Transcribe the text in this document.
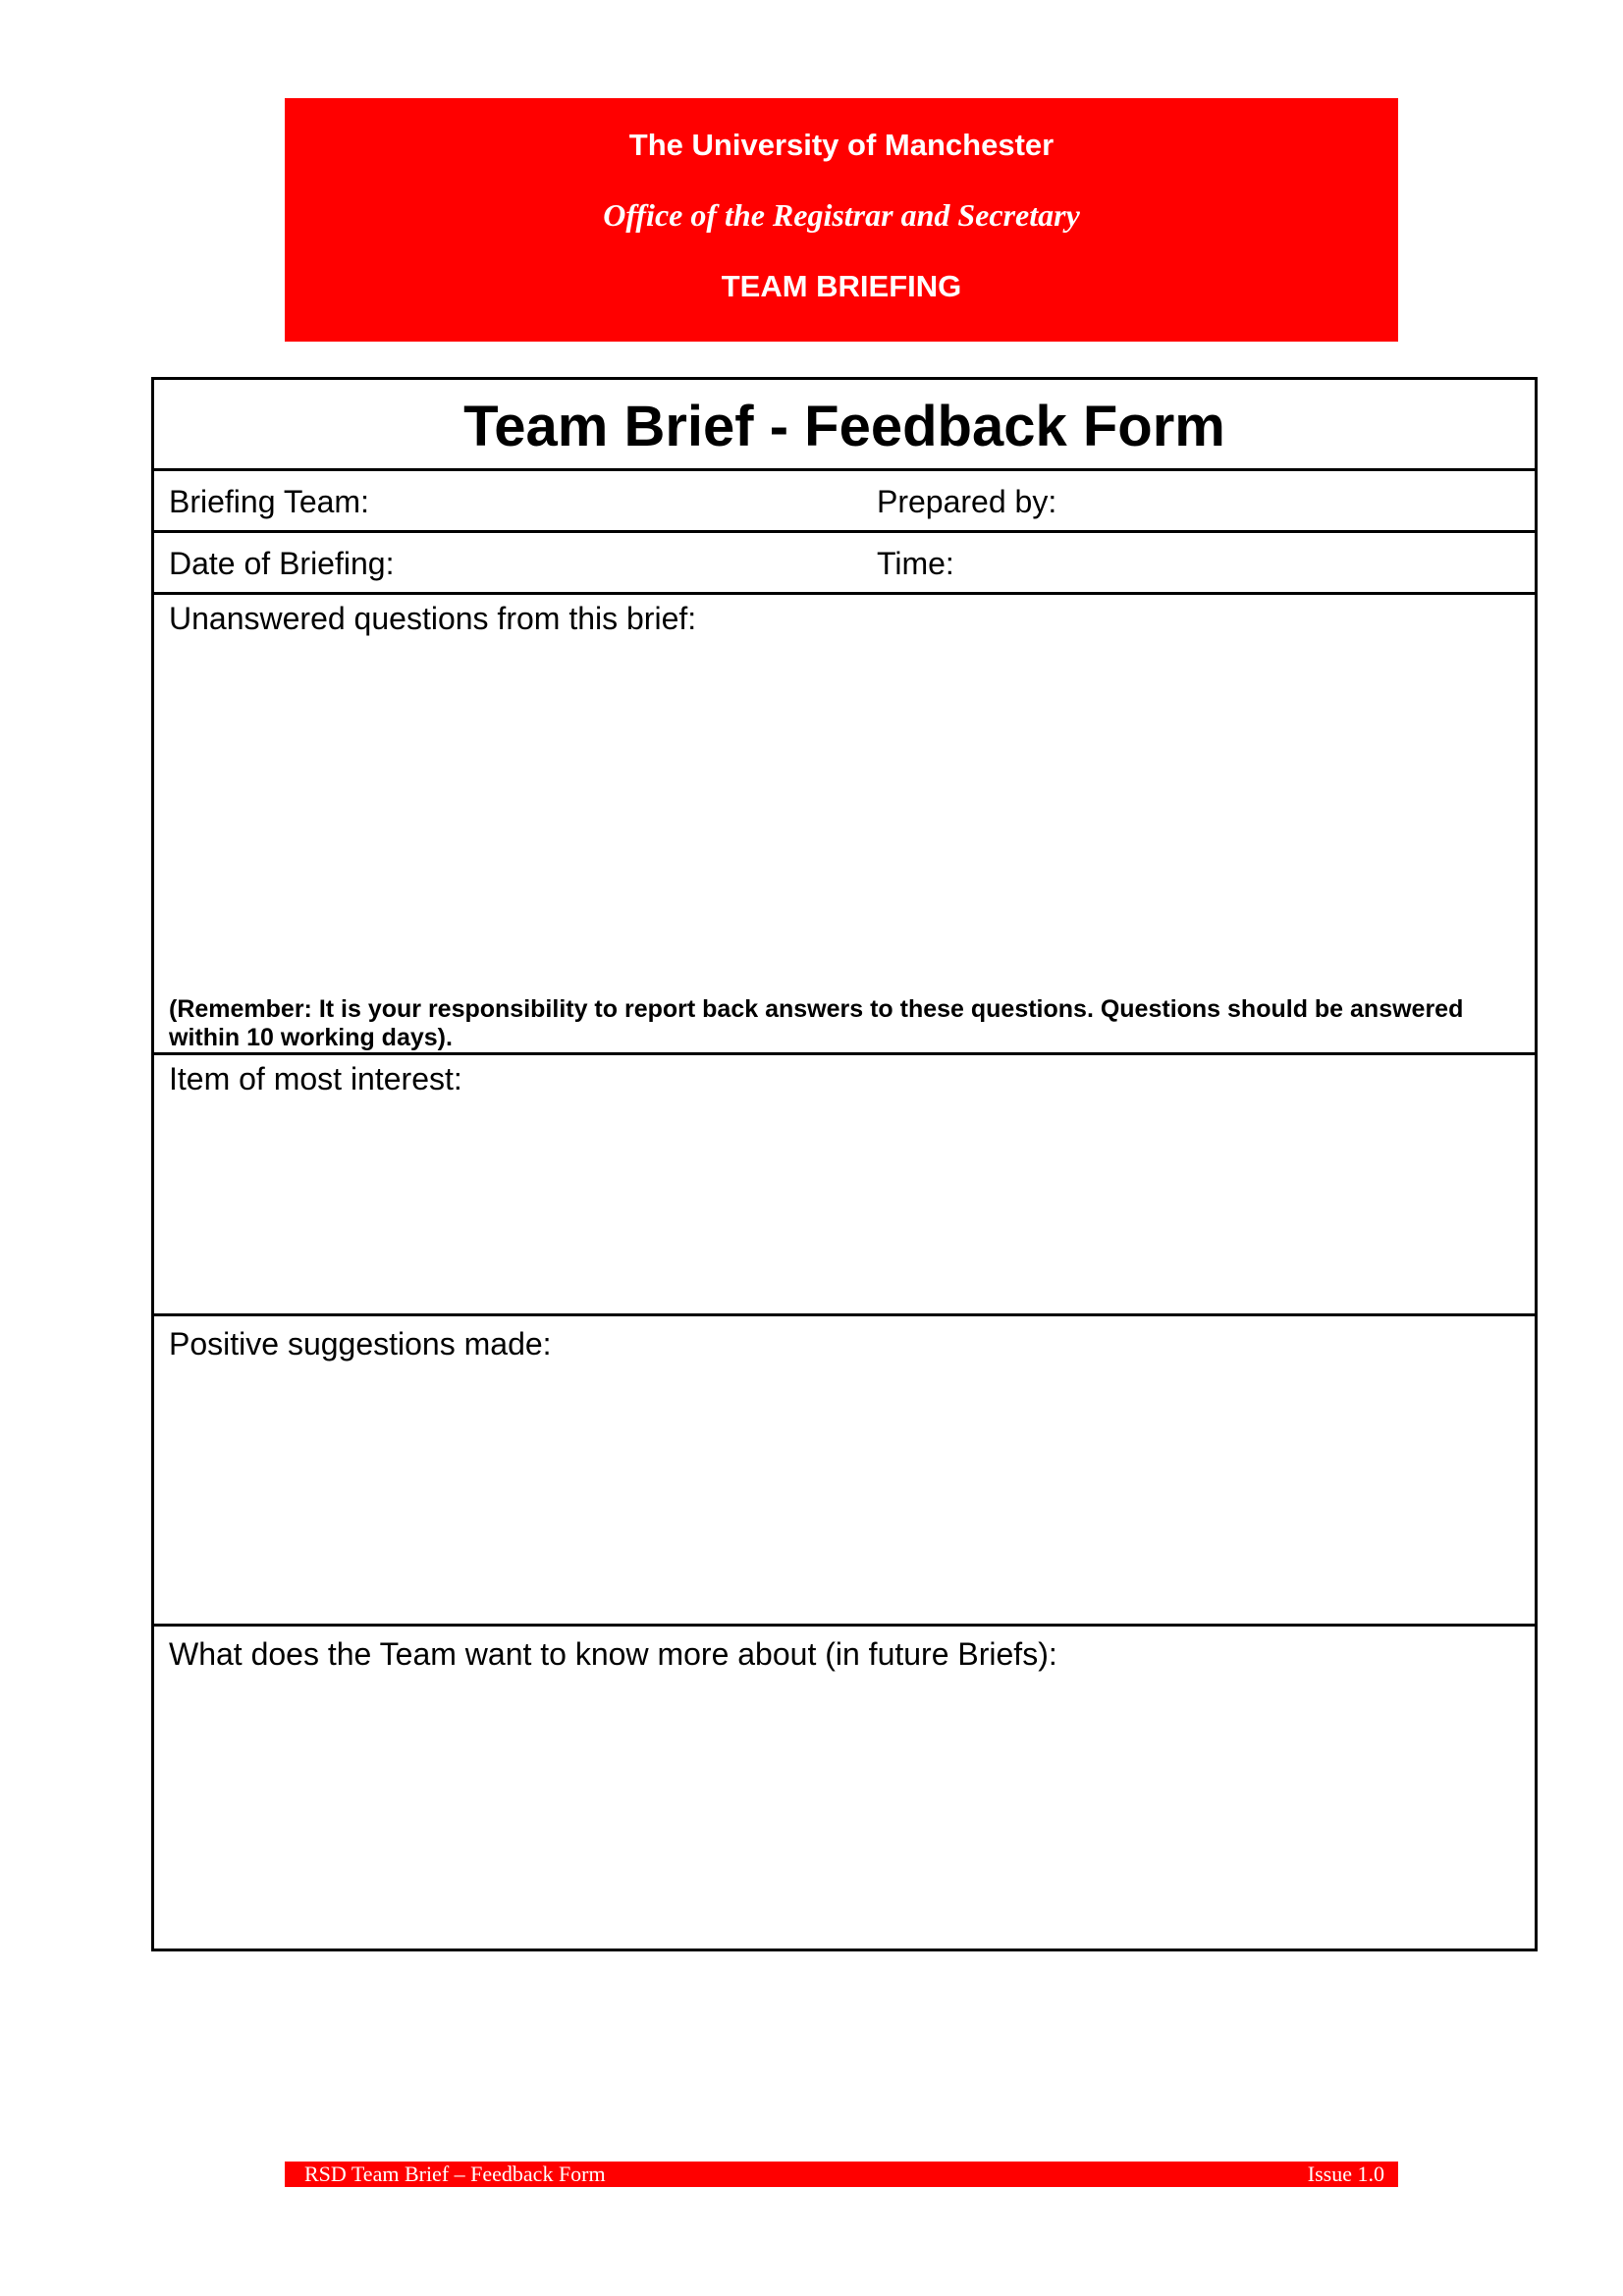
The University of Manchester
Office of the Registrar and Secretary
TEAM BRIEFING
Team Brief - Feedback Form
Briefing Team:	Prepared by:
Date of Briefing:	Time:
Unanswered questions from this brief:
(Remember: It is your responsibility to report back answers to these questions. Questions should be answered within 10 working days).
Item of most interest:
Positive suggestions made:
What does the Team want to know more about (in future Briefs):
RSD Team Brief – Feedback Form	Issue 1.0
